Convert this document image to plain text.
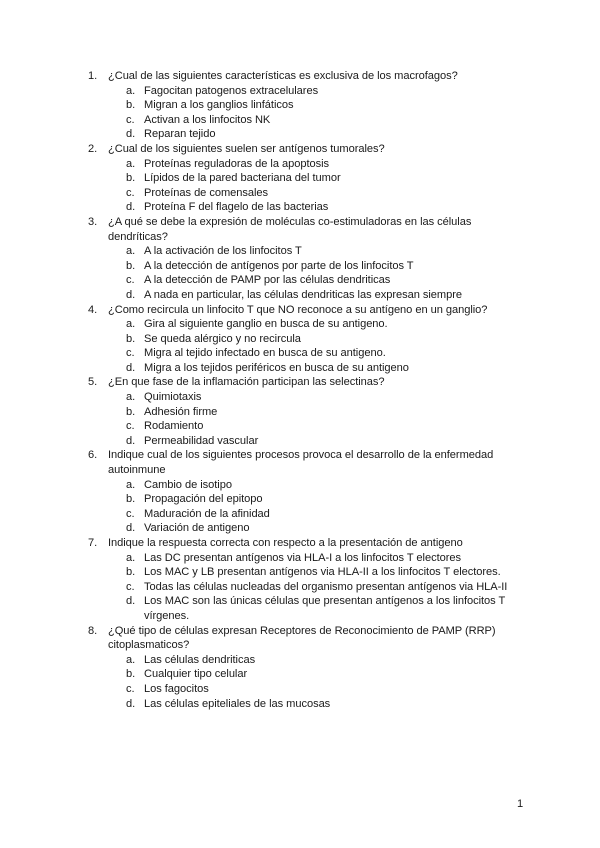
1. ¿Cual de las siguientes características es exclusiva de los macrofagos?
a. Fagocitan patogenos extracelulares
b. Migran a los ganglios linfáticos
c. Activan a los linfocitos NK
d. Reparan tejido
2. ¿Cual de los siguientes suelen ser antígenos tumorales?
a. Proteínas reguladoras de la apoptosis
b. Lípidos de la pared bacteriana del tumor
c. Proteínas de comensales
d. Proteína F del flagelo de las bacterias
3. ¿A qué se debe la expresión de moléculas co-estimuladoras en las células dendríticas?
a. A la activación de los linfocitos T
b. A la detección de antígenos por parte de los linfocitos T
c. A la detección de PAMP por las células dendriticas
d. A nada en particular, las células dendriticas las expresan siempre
4. ¿Como recircula un linfocito T que NO reconoce a su antígeno en un ganglio?
a. Gira al siguiente ganglio en busca de su antigeno.
b. Se queda alérgico y no recircula
c. Migra al tejido infectado en busca de su antigeno.
d. Migra a los tejidos periféricos en busca de su antigeno
5. ¿En que fase de la inflamación participan las selectinas?
a. Quimiotaxis
b. Adhesión firme
c. Rodamiento
d. Permeabilidad vascular
6. Indique cual de los siguientes procesos provoca el desarrollo de la enfermedad autoinmune
a. Cambio de isotipo
b. Propagación del epitopo
c. Maduración de la afinidad
d. Variación de antigeno
7. Indique la respuesta correcta con respecto a la presentación de antigeno
a. Las DC presentan antígenos via HLA-I a los linfocitos T electores
b. Los MAC y LB presentan antígenos via HLA-II a los linfocitos T electores.
c. Todas las células nucleadas del organismo presentan antígenos via HLA-II
d. Los MAC son las únicas células que presentan antígenos a los linfocitos T vírgenes.
8. ¿Qué tipo de células expresan Receptores de Reconocimiento de PAMP (RRP) citoplasmaticos?
a. Las células dendriticas
b. Cualquier tipo celular
c. Los fagocitos
d. Las células epiteliales de las mucosas
1
